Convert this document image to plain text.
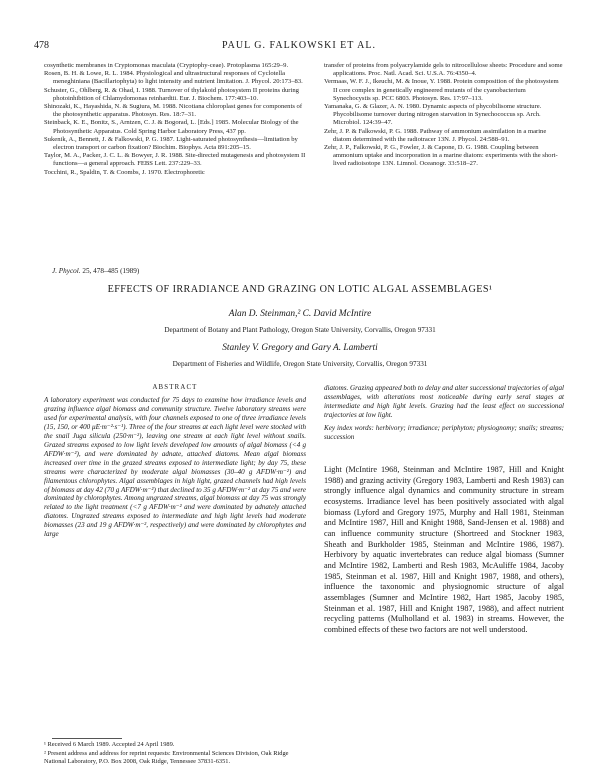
478	PAUL G. FALKOWSKI ET AL.
cosynthetic membranes in Cryptomonas maculata (Cryptophy-ceae). Protoplasma 165:29–9.
Rosen, B. H. & Lowe, R. L. 1984. Physiological and ultrastructural responses of Cyclotella meneghiniana (Bacillariophyta) to light intensity and nutrient limitation. J. Phycol. 20:173–83.
Schuster, G., Ohlberg, R. & Ohad, I. 1988. Turnover of thylakoid photosystem II proteins during photoinhibition of Chlamydomonas reinhardtii. Eur. J. Biochem. 177:403–10.
Shinozaki, K., Hayashida, N. & Sugiura, M. 1988. Nicotiana chloroplast genes for components of the photosynthetic apparatus. Photosyn. Res. 18:7–31.
Steinback, K. E., Bonitz, S., Arntzen, C. J. & Bogorad, L. [Eds.] 1985. Molecular Biology of the Photosynthetic Apparatus. Cold Spring Harbor Laboratory Press, 437 pp.
Sukenik, A., Bennett, J. & Falkowski, P. G. 1987. Light-saturated photosynthesis—limitation by electron transport or carbon fixation? Biochim. Biophys. Acta 891:205–15.
Taylor, M. A., Packer, J. C. L. & Bowyer, J. R. 1988. Site-directed mutagenesis and photosystem II functions—a general approach. FEBS Lett. 237:229–33.
Tocchini, R., Spaldin, T. & Coombs, J. 1970. Electrophoretic
transfer of proteins from polyacrylamide gels to nitrocellulose sheets: Procedure and some applications. Proc. Natl. Acad. Sci. U.S.A. 76:4350–4.
Vermaas, W. F. J., Ikeuchi, M. & Inoue, Y. 1988. Protein composition of the photosystem II core complex in genetically engineered mutants of the cyanobacterium Synechocystis sp. PCC 6803. Photosyn. Res. 17:97–113.
Yamanaka, G. & Glazer, A. N. 1980. Dynamic aspects of phycobilisome structure. Phycobilisome turnover during nitrogen starvation in Synechococcus sp. Arch. Microbiol. 124:39–47.
Zehr, J. P. & Falkowski, P. G. 1988. Pathway of ammonium assimilation in a marine diatom determined with the radiotracer 13N. J. Phycol. 24:588–91.
Zehr, J. P., Falkowski, P. G., Fowler, J. & Capone, D. G. 1988. Coupling between ammonium uptake and incorporation in a marine diatom: experiments with the short-lived radioisotope 13N. Limnol. Oceanogr. 33:518–27.
J. Phycol. 25, 478–485 (1989)
EFFECTS OF IRRADIANCE AND GRAZING ON LOTIC ALGAL ASSEMBLAGES¹
Alan D. Steinman,² C. David McIntire
Department of Botany and Plant Pathology, Oregon State University, Corvallis, Oregon 97331
Stanley V. Gregory and Gary A. Lamberti
Department of Fisheries and Wildlife, Oregon State University, Corvallis, Oregon 97331
ABSTRACT
A laboratory experiment was conducted for 75 days to examine how irradiance levels and grazing influence algal biomass and community structure. Twelve laboratory streams were used for experimental analysis, with four channels exposed to one of three irradiance levels (15, 150, or 400 μE·m⁻²·s⁻¹). Three of the four streams at each light level were stocked with the snail Juga silicula (250·m⁻²), leaving one stream at each light level without snails. Grazed streams exposed to low light levels developed low amounts of algal biomass (<4 g AFDW·m⁻²), and were dominated by adnate, attached diatoms. Mean algal biomass increased over time in the grazed streams exposed to intermediate light; by day 75, these streams were characterized by moderate algal biomasses (30–40 g AFDW·m⁻²) and filamentous chlorophytes. Algal assemblages in high light, grazed channels had high levels of biomass at day 42 (70 g AFDW·m⁻²) that declined to 35 g AFDW·m⁻² at day 75 and were dominated by chlorophytes. Among ungrazed streams, algal biomass at day 75 was strongly related to the light treatment (<7 g AFDW·m⁻² and were dominated by adnately attached diatoms. Ungrazed streams exposed to intermediate and high light levels had moderate biomasses (23 and 19 g AFDW·m⁻², respectively) and were dominated by chlorophytes and large
diatoms. Grazing appeared both to delay and alter successional trajectories of algal assemblages, with alterations most noticeable during early seral stages at intermediate and high light levels. Grazing had the least effect on successional trajectories at low light.
Key index words: herbivory; irradiance; periphyton; physiognomy; snails; streams; succession
Light (McIntire 1968, Steinman and McIntire 1987, Hill and Knight 1988) and grazing activity (Gregory 1983, Lamberti and Resh 1983) can strongly influence algal dynamics and community structure in stream ecosystems. Irradiance level has been positively associated with algal biomass (Lyford and Gregory 1975, Murphy and Hall 1981, Steinman and McIntire 1987, Hill and Knight 1988, Sand-Jensen et al. 1988) and can influence community structure (Shortreed and Stockner 1983, Sheath and Burkholder 1985, Steinman and McIntire 1986, 1987). Herbivory by aquatic invertebrates can reduce algal biomass (Sumner and McIntire 1982, Lamberti and Resh 1983, McAuliffe 1984, Jacoby 1985, Steinman et al. 1987, Hill and Knight 1987, 1988, and others), influence the taxonomic and physiognomic structure of algal assemblages (Sumner and McIntire 1982, Hart 1985, Jacoby 1985, Steinman et al. 1987, Hill and Knight 1987, 1988), and affect nutrient recycling patterns (Mulholland et al. 1983) in streams. However, the combined effects of these two factors are not well understood.
¹ Received 6 March 1989. Accepted 24 April 1989.
² Present address and address for reprint requests: Environmental Sciences Division, Oak Ridge National Laboratory, P.O. Box 2008, Oak Ridge, Tennessee 37831-6351.
